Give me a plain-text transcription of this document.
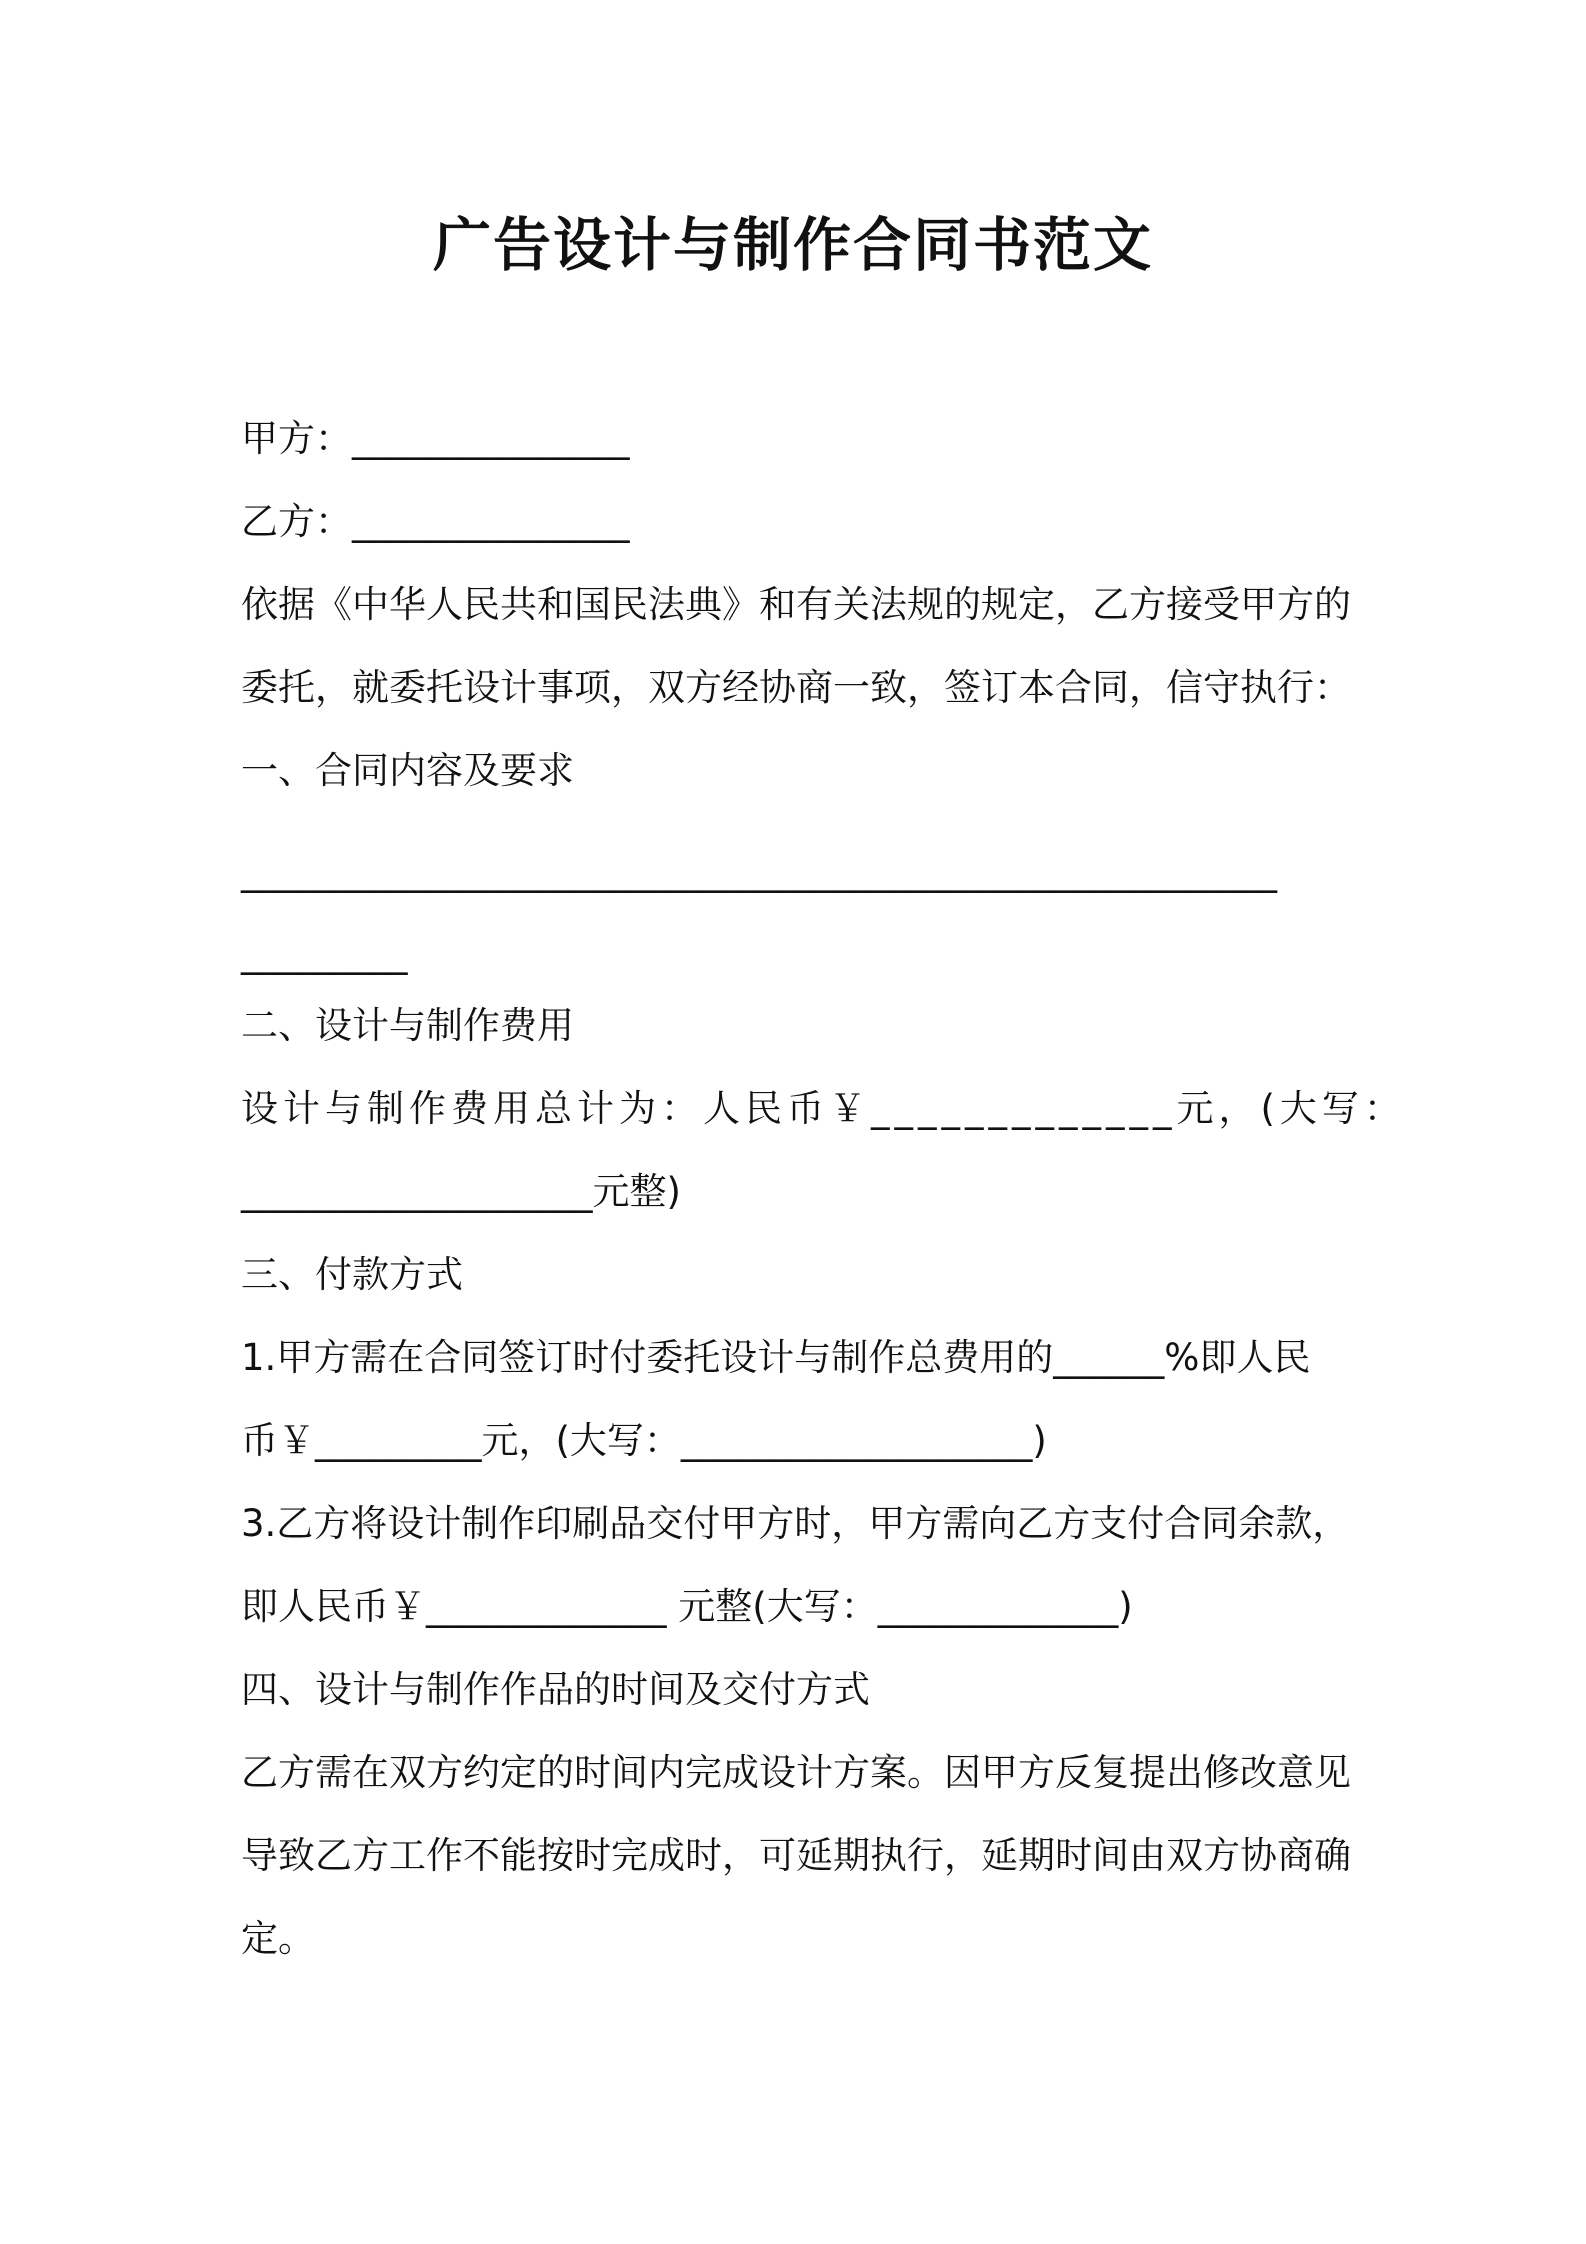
广告设计与制作合同书范文
甲方：_______________
乙方：_______________
依据《中华人民共和国民法典》和有关法规的规定，乙方接受甲方的
委托，就委托设计事项，双方经协商一致，签订本合同，信守执行：
一、合同内容及要求
________________________________________________________
_________
二、设计与制作费用
设计与制作费用总计为：人民币￥_____________元，(大写：
___________________元整)
三、付款方式
1.甲方需在合同签订时付委托设计与制作总费用的______%即人民
币￥_________元，(大写：___________________)
3.乙方将设计制作印刷品交付甲方时，甲方需向乙方支付合同余款，
即人民币￥_____________ 元整(大写：_____________)
四、设计与制作作品的时间及交付方式
乙方需在双方约定的时间内完成设计方案。因甲方反复提出修改意见
导致乙方工作不能按时完成时，可延期执行，延期时间由双方协商确
定。
